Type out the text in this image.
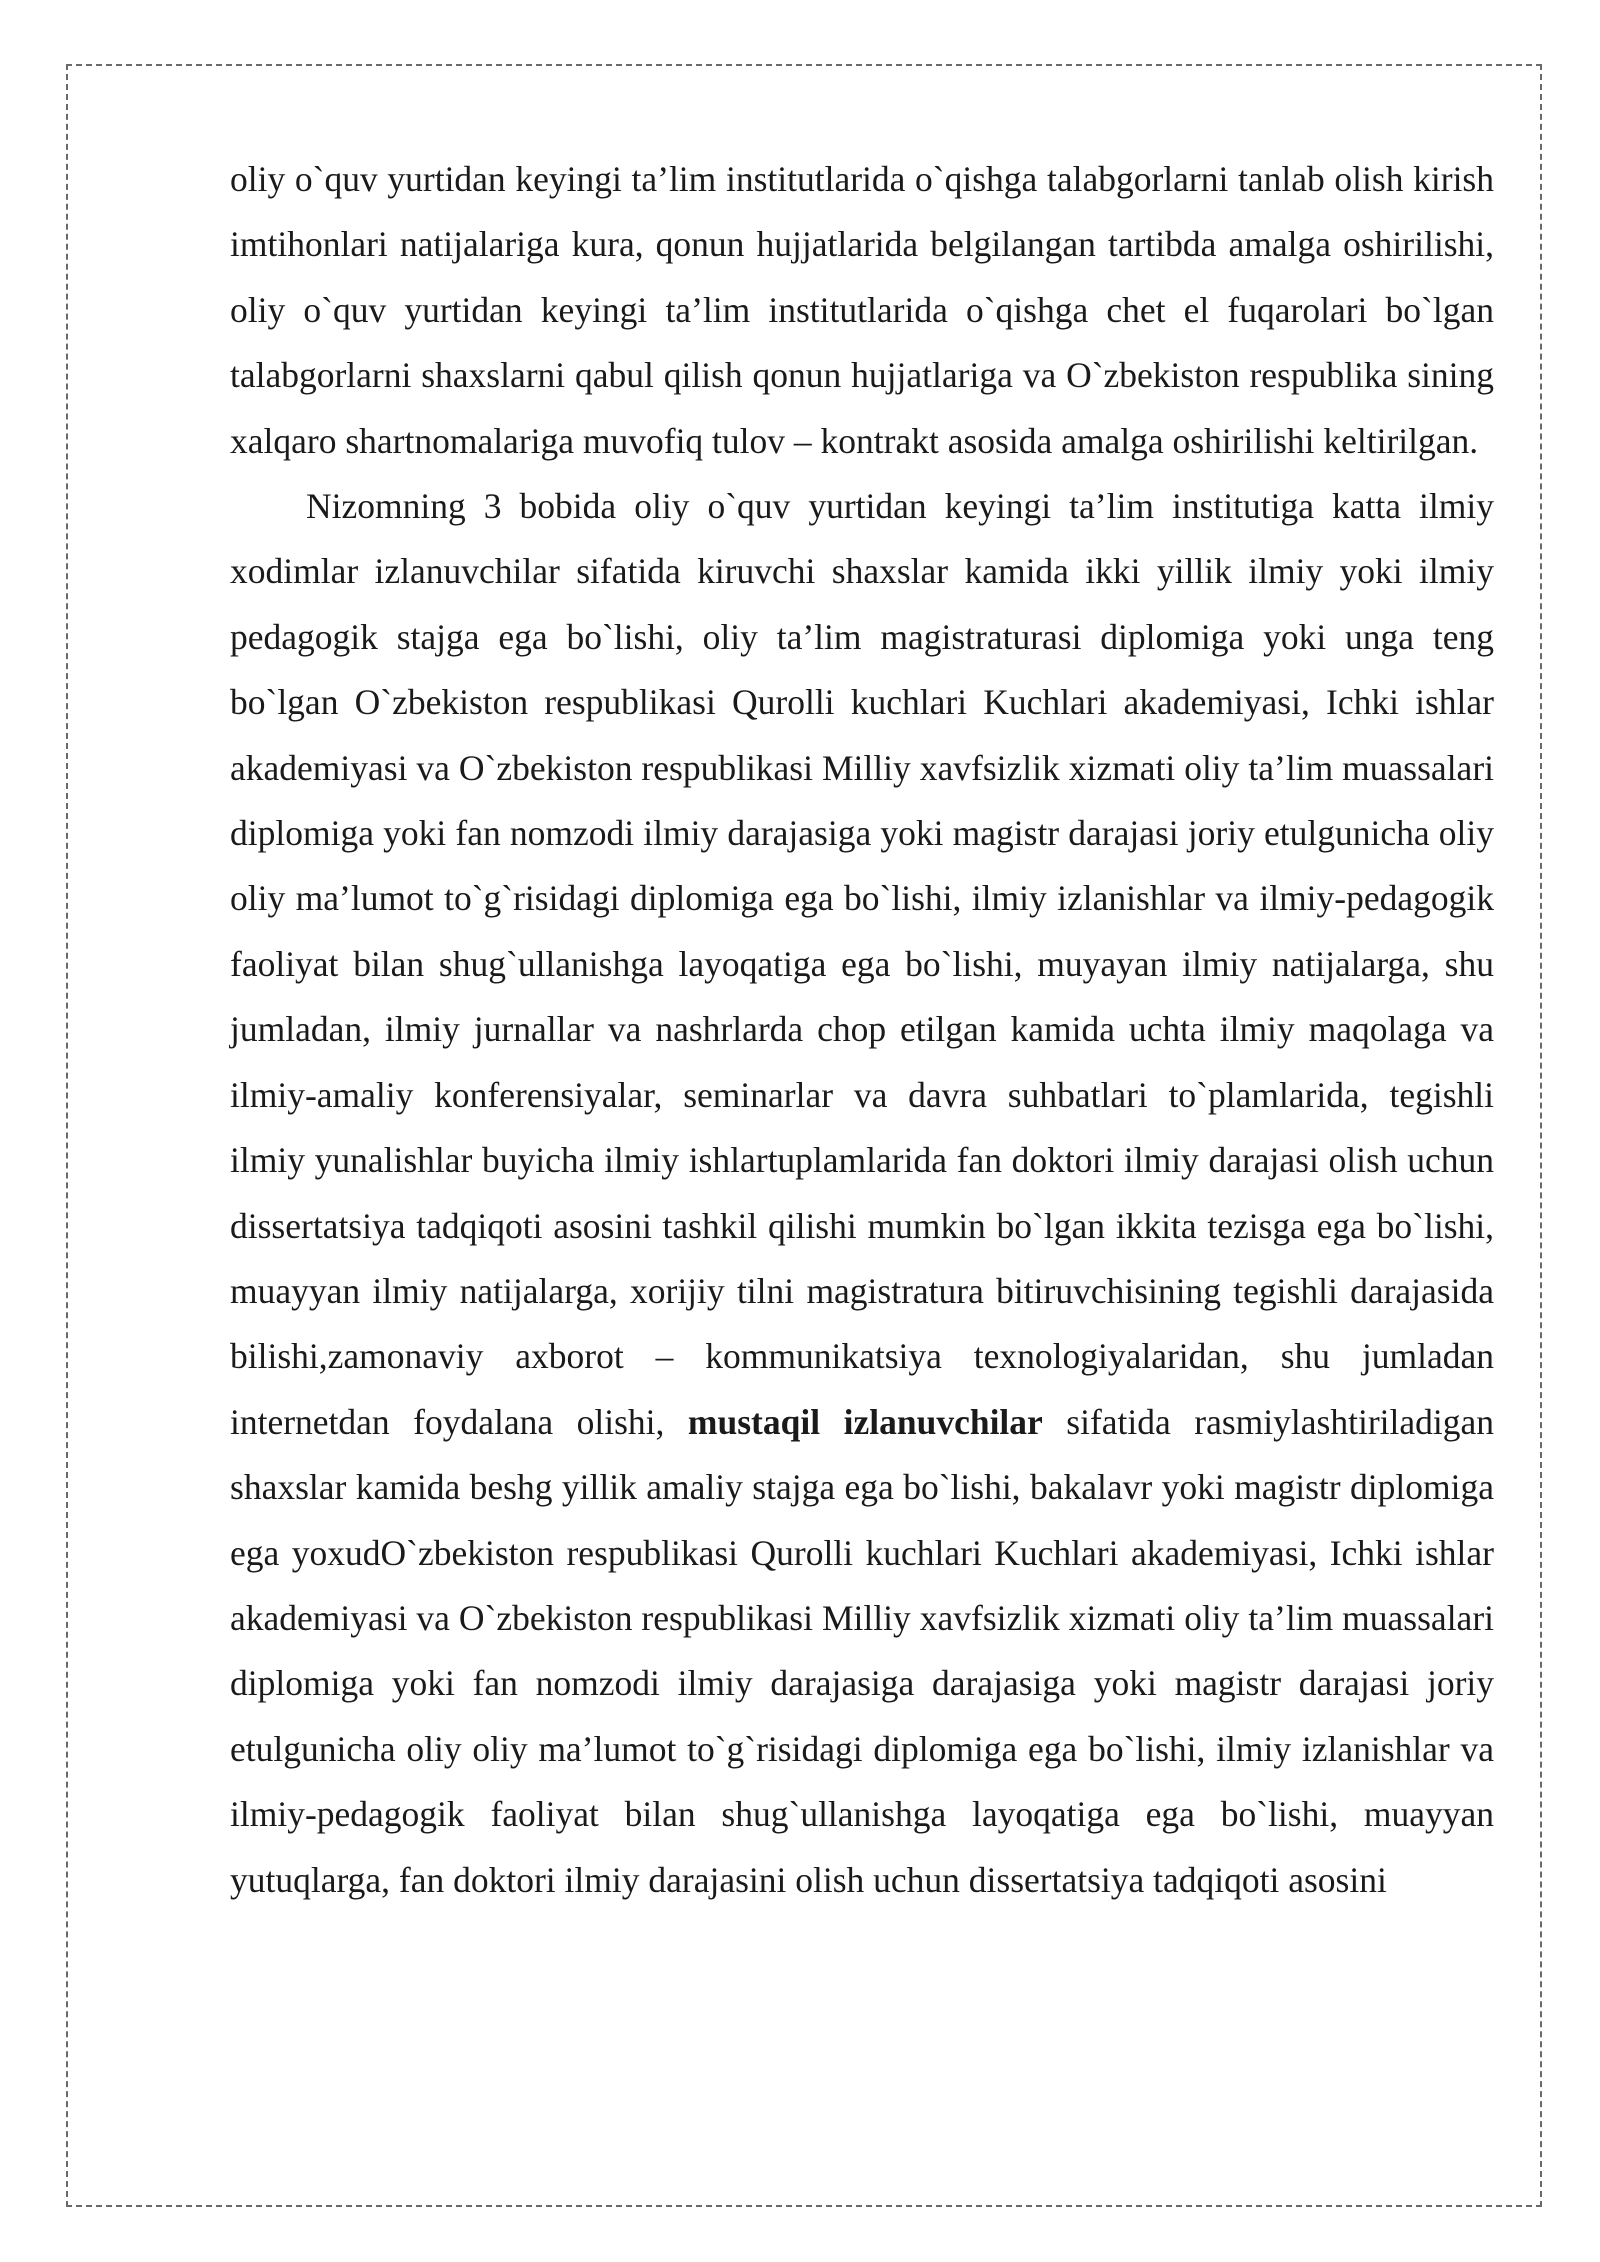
oliy o`quv yurtidan keyingi ta’lim institutlarida o`qishga talabgorlarni tanlab olish kirish imtihonlari natijalariga kura, qonun hujjatlarida belgilangan tartibda amalga oshirilishi, oliy o`quv yurtidan keyingi ta’lim institutlarida o`qishga chet el fuqarolari bo`lgan talabgorlarni shaxslarni qabul qilish qonun hujjatlariga va O`zbekiston respublika sining xalqaro shartnomalariga muvofiq tulov – kontrakt asosida amalga oshirilishi keltirilgan.

Nizomning 3 bobida oliy o`quv yurtidan keyingi ta’lim institutiga katta ilmiy xodimlar izlanuvchilar sifatida kiruvchi shaxslar kamida ikki yillik ilmiy yoki ilmiy pedagogik stajga ega bo`lishi, oliy ta’lim magistraturasi diplomiga yoki unga teng bo`lgan O`zbekiston respublikasi Qurolli kuchlari Kuchlari akademiyasi, Ichki ishlar akademiyasi va O`zbekiston respublikasi Milliy xavfsizlik xizmati oliy ta’lim muassalari diplomiga yoki fan nomzodi ilmiy darajasiga yoki magistr darajasi joriy etulgunicha oliy oliy ma’lumot to`g`risidagi diplomiga ega bo`lishi, ilmiy izlanishlar va ilmiy-pedagogik faoliyat bilan shug`ullanishga layoqatiga ega bo`lishi, muyayan ilmiy natijalarga, shu jumladan, ilmiy jurnallar va nashrlarda chop etilgan kamida uchta ilmiy maqolaga va ilmiy-amaliy konferensiyalar, seminarlar va davra suhbatlari to`plamlarida, tegishli ilmiy yunalishlar buyicha ilmiy ishlartuplamlarida fan doktori ilmiy darajasi olish uchun dissertatsiya tadqiqoti asosini tashkil qilishi mumkin bo`lgan ikkita tezisga ega bo`lishi, muayyan ilmiy natijalarga, xorijiy tilni magistratura bitiruvchisining tegishli darajasida bilishi,zamonaviy axborot – kommunikatsiya texnologiyalaridan, shu jumladan internetdan foydalana olishi, mustaqil izlanuvchilar sifatida rasmiylashtiriladigan shaxslar kamida beshg yillik amaliy stajga ega bo`lishi, bakalavr yoki magistr diplomiga ega yoxudO`zbekiston respublikasi Qurolli kuchlari Kuchlari akademiyasi, Ichki ishlar akademiyasi va O`zbekiston respublikasi Milliy xavfsizlik xizmati oliy ta’lim muassalari diplomiga yoki fan nomzodi ilmiy darajasiga darajasiga yoki magistr darajasi joriy etulgunicha oliy oliy ma’lumot to`g`risidagi diplomiga ega bo`lishi, ilmiy izlanishlar va ilmiy-pedagogik faoliyat bilan shug`ullanishga layoqatiga ega bo`lishi, muayyan yutuqlarga, fan doktori ilmiy darajasini olish uchun dissertatsiya tadqiqoti asosini
